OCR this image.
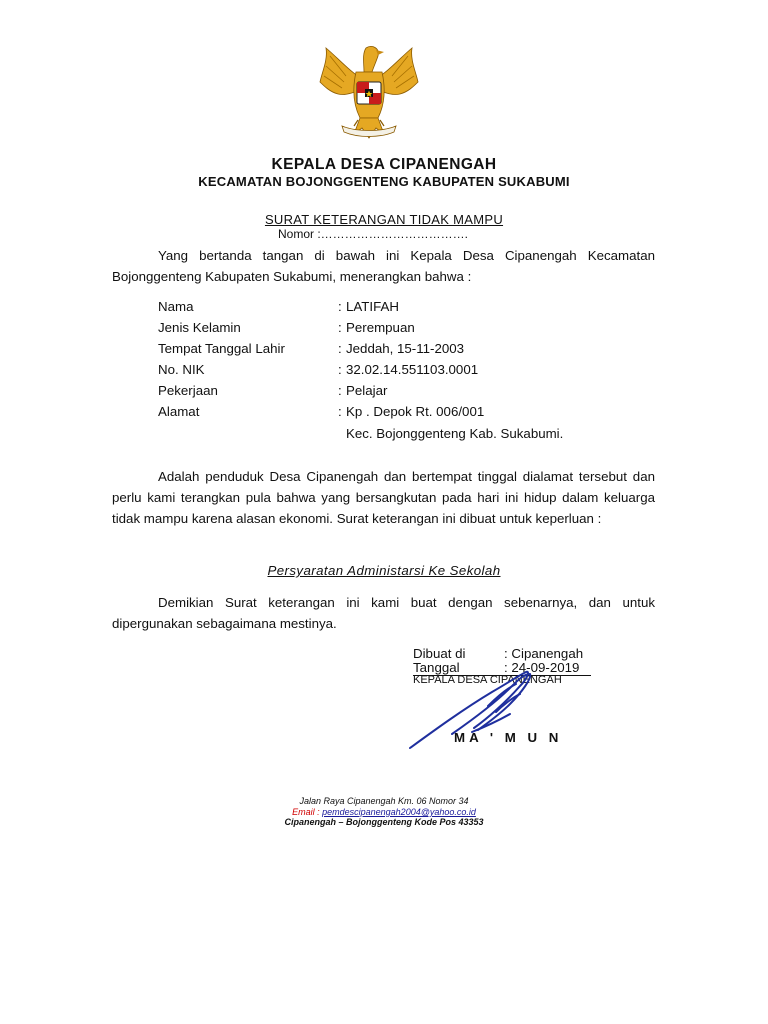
KEPALA DESA CIPANENGAH
KECAMATAN BOJONGGENTENG KABUPATEN SUKABUMI
SURAT KETERANGAN TIDAK MAMPU
Nomor :……………………………….
Yang bertanda tangan di bawah ini Kepala Desa Cipanengah Kecamatan Bojonggenteng Kabupaten Sukabumi, menerangkan bahwa :
Nama	: LATIFAH
Jenis Kelamin	: Perempuan
Tempat Tanggal Lahir	: Jeddah, 15-11-2003
No. NIK	: 32.02.14.551103.0001
Pekerjaan	: Pelajar
Alamat	: Kp . Depok Rt. 006/001
Kec. Bojonggenteng Kab. Sukabumi.
Adalah penduduk Desa Cipanengah dan bertempat tinggal dialamat tersebut dan perlu kami terangkan pula bahwa yang bersangkutan pada hari ini hidup dalam keluarga tidak mampu karena alasan ekonomi. Surat keterangan ini dibuat untuk keperluan :
Persyaratan Administarsi Ke Sekolah
Demikian Surat keterangan ini kami buat dengan sebenarnya, dan untuk dipergunakan sebagaimana mestinya.
Dibuat di	: Cipanengah
Tanggal	: 24-09-2019
KEPALA DESA CIPANENGAH
MA ' M U N
Jalan Raya Cipanengah Km. 06 Nomor 34
Email : pemdescipanengah2004@yahoo.co.id
Cipanengah – Bojonggenteng Kode Pos 43353
